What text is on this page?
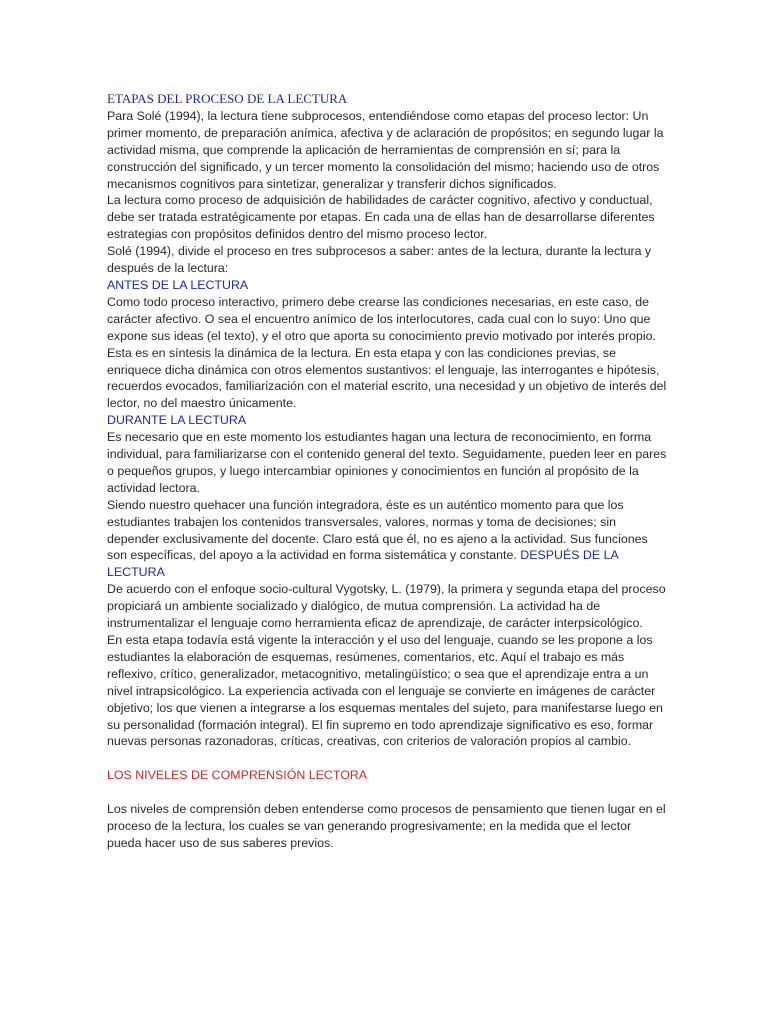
ETAPAS DEL PROCESO DE LA LECTURA

Para Solé (1994), la lectura tiene subprocesos, entendiéndose como etapas del proceso lector: Un primer momento, de preparación anímica, afectiva y de aclaración de propósitos; en segundo lugar la actividad misma, que comprende la aplicación de herramientas de comprensión en sí; para la construcción del significado, y un tercer momento la consolidación del mismo; haciendo uso de otros mecanismos cognitivos para sintetizar, generalizar y transferir dichos significados.

La lectura como proceso de adquisición de habilidades de carácter cognitivo, afectivo y conductual, debe ser tratada estratégicamente por etapas. En cada una de ellas han de desarrollarse diferentes estrategias con propósitos definidos dentro del mismo proceso lector.

Solé (1994), divide el proceso en tres subprocesos a saber: antes de la lectura, durante la lectura y después de la lectura:

ANTES DE LA LECTURA

Como todo proceso interactivo, primero debe crearse las condiciones necesarias, en este caso, de carácter afectivo. O sea el encuentro anímico de los interlocutores, cada cual con lo suyo: Uno que expone sus ideas (el texto), y el otro que aporta su conocimiento previo motivado por interés propio.

Esta es en síntesis la dinámica de la lectura. En esta etapa y con las condiciones previas, se enriquece dicha dinámica con otros elementos sustantivos: el lenguaje, las interrogantes e hipótesis, recuerdos evocados, familiarización con el material escrito, una necesidad y un objetivo de interés del lector, no del maestro únicamente.

DURANTE LA LECTURA

Es necesario que en este momento los estudiantes hagan una lectura de reconocimiento, en forma individual, para familiarizarse con el contenido general del texto. Seguidamente, pueden leer en pares o pequeños grupos, y luego intercambiar opiniones y conocimientos en función al propósito de la actividad lectora.

Siendo nuestro quehacer una función integradora, éste es un auténtico momento para que los estudiantes trabajen los contenidos transversales, valores, normas y toma de decisiones; sin depender exclusivamente del docente. Claro está que él, no es ajeno a la actividad. Sus funciones son específicas, del apoyo a la actividad en forma sistemática y constante. DESPUÉS DE LA LECTURA

De acuerdo con el enfoque socio-cultural Vygotsky, L. (1979), la primera y segunda etapa del proceso propiciará un ambiente socializado y dialógico, de mutua comprensión. La actividad ha de instrumentalizar el lenguaje como herramienta eficaz de aprendizaje, de carácter interpsicológico.

En esta etapa todavía está vigente la interacción y el uso del lenguaje, cuando se les propone a los estudiantes la elaboración de esquemas, resúmenes, comentarios, etc. Aquí el trabajo es más reflexivo, crítico, generalizador, metacognitivo, metalingüístico; o sea que el aprendizaje entra a un nivel intrapsicológico. La experiencia activada con el lenguaje se convierte en imágenes de carácter objetivo; los que vienen a integrarse a los esquemas mentales del sujeto, para manifestarse luego en su personalidad (formación integral). El fin supremo en todo aprendizaje significativo es eso, formar nuevas personas razonadoras, críticas, creativas, con criterios de valoración propios al cambio.

LOS NIVELES DE COMPRENSIÓN LECTORA

Los niveles de comprensión deben entenderse como procesos de pensamiento que tienen lugar en el proceso de la lectura, los cuales se van generando progresivamente; en la medida que el lector pueda hacer uso de sus saberes previos.
